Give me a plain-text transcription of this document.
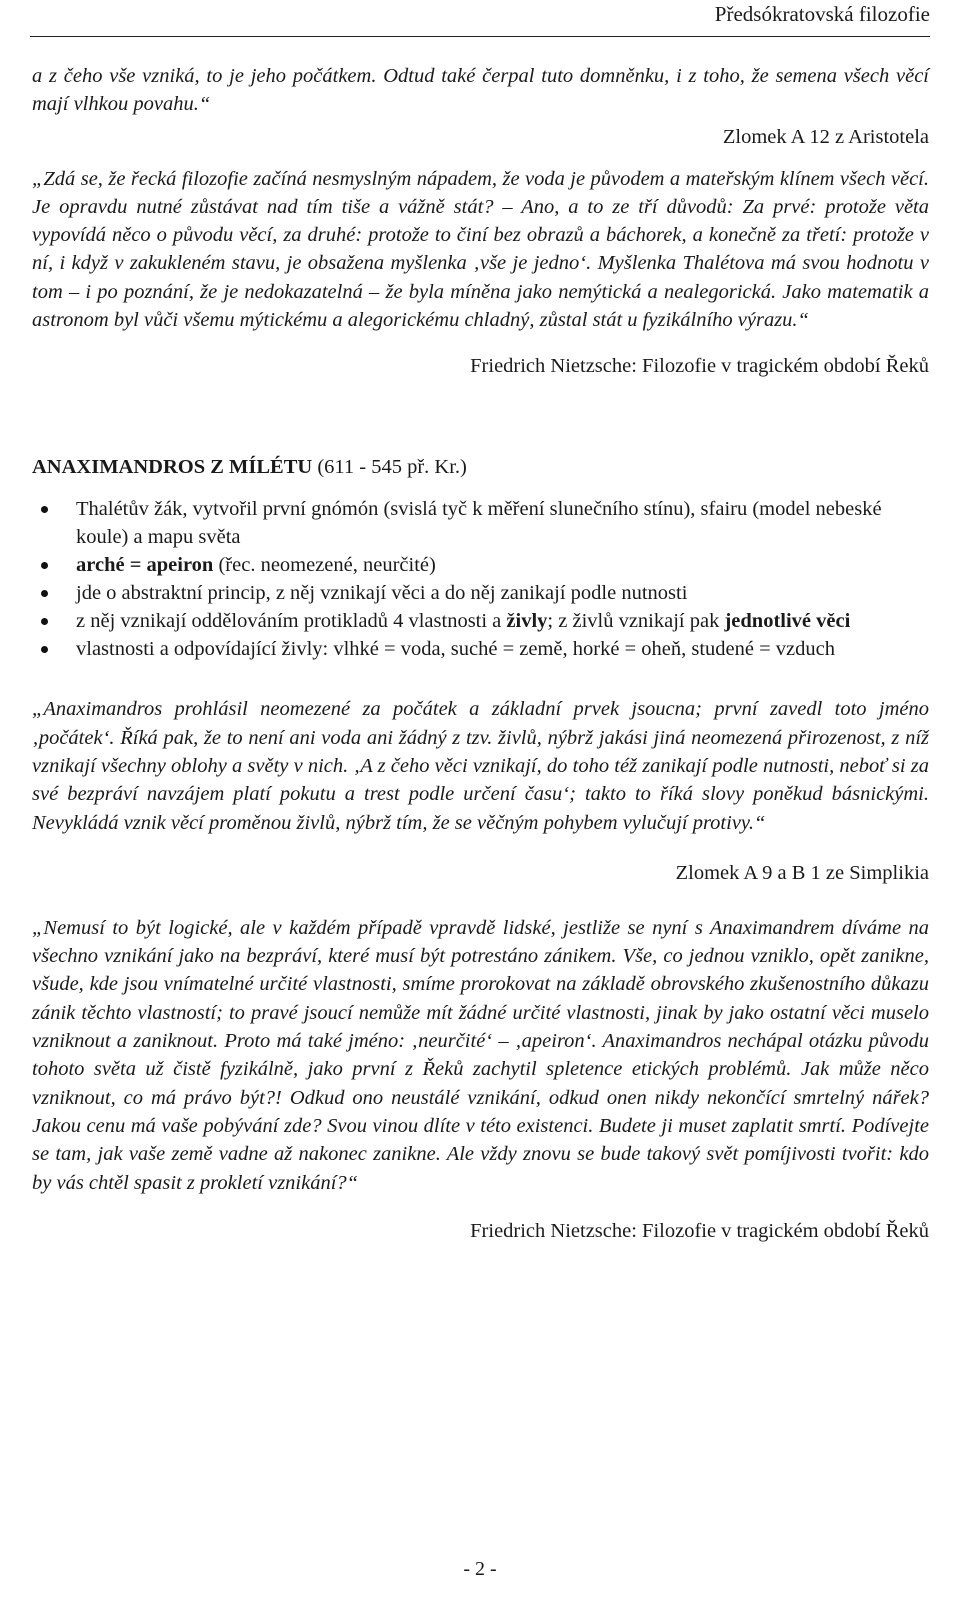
Předsókratovská filozofie

a z čeho vše vzniká, to je jeho počátkem. Odtud také čerpal tuto domněnku, i z toho, že semena všech věcí mají vlhkou povahu.“

Zlomek A 12 z Aristotela

„Zdá se, že řecká filozofie začíná nesmyslným nápadem, že voda je původem a mateřským klínem všech věcí. Je opravdu nutné zůstávat nad tím tiše a vážně stát? – Ano, a to ze tří důvodů: Za prvé: protože věta vypovídá něco o původu věcí, za druhé: protože to činí bez obrazů a báchorek, a konečně za třetí: protože v ní, i když v zakukleném stavu, je obsažena myšlenka ‚vše je jedno‘. Myšlenka Thalétova má svou hodnotu v tom – i po poznání, že je nedokazatelná – že byla míněna jako nemýtická a nealegorická. Jako matematik a astronom byl vůči všemu mýtickému a alegorickému chladný, zůstal stát u fyzikálního výrazu.“

Friedrich Nietzsche: Filozofie v tragickém období Řeků

ANAXIMANDROS Z MÍLÉTU (611 - 545 př. Kr.)
Thalétův žák, vytvořil první gnómón (svislá tyč k měření slunečního stínu), sfairu (model nebeské koule) a mapu světa
arché = apeiron (řec. neomezené, neurčité)
jde o abstraktní princip, z něj vznikají věci a do něj zanikají podle nutnosti
z něj vznikají oddělováním protikladů 4 vlastnosti a živly; z živlů vznikají pak jednotlivé věci
vlastnosti a odpovídající živly: vlhké = voda, suché = země, horké = oheň, studené = vzduch

„Anaximandros prohlásil neomezené za počátek a základní prvek jsoucna; první zavedl toto jméno ‚počátek‘. Říká pak, že to není ani voda ani žádný z tzv. živlů, nýbrž jakási jiná neomezená přirozenost, z níž vznikají všechny oblohy a světy v nich. ‚A z čeho věci vznikají, do toho též zanikají podle nutnosti, neboť si za své bezpráví navzájem platí pokutu a trest podle určení času‘; takto to říká slovy poněkud básnickými. Nevykládá vznik věcí proměnou živlů, nýbrž tím, že se věčným pohybem vylučují protivy.“

Zlomek A 9 a B 1 ze Simplikia

„Nemusí to být logické, ale v každém případě vpravdě lidské, jestliže se nyní s Anaximandrem díváme na všechno vznikání jako na bezpráví, které musí být potrestáno zánikem. Vše, co jednou vzniklo, opět zanikne, všude, kde jsou vnímatelné určité vlastnosti, smíme prorokovat na základě obrovského zkušenostního důkazu zánik těchto vlastností; to pravé jsoucí nemůže mít žádné určité vlastnosti, jinak by jako ostatní věci muselo vzniknout a zaniknout. Proto má také jméno: ‚neurčité‘ – ‚apeiron‘. Anaximandros nechápal otázku původu tohoto světa už čistě fyzikálně, jako první z Řeků zachytil spletence etických problémů. Jak může něco vzniknout, co má právo být?! Odkud ono neustálé vznikání, odkud onen nikdy nekončící smrtelný nářek? Jakou cenu má vaše pobývání zde? Svou vinou dlíte v této existenci. Budete ji muset zaplatit smrtí. Podívejte se tam, jak vaše země vadne až nakonec zanikne. Ale vždy znovu se bude takový svět pomíjivosti tvořit: kdo by vás chtěl spasit z prokletí vznikání?“

Friedrich Nietzsche: Filozofie v tragickém období Řeků

- 2 -
